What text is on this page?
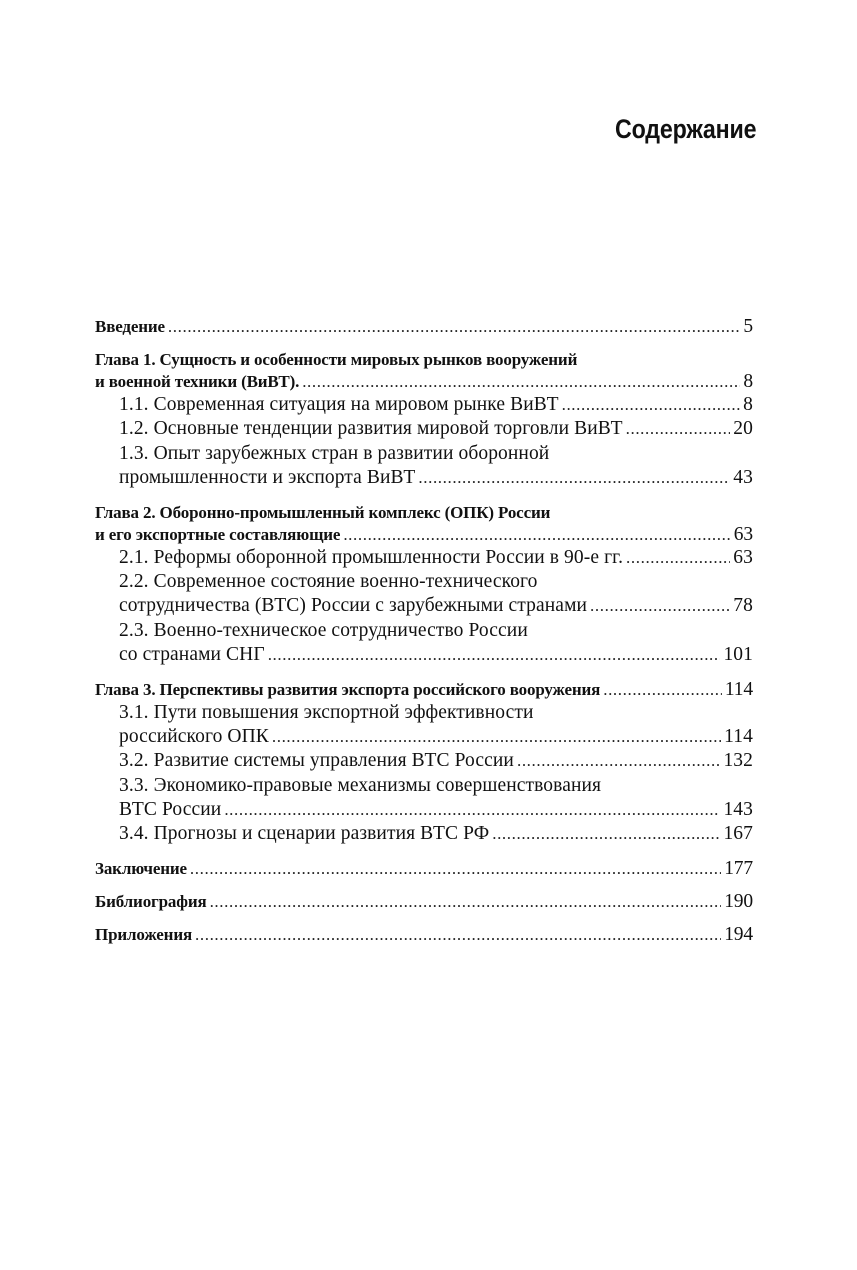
Содержание
Введение .....	5
Глава 1. Сущность и особенности мировых рынков вооружений
и военной техники (ВиВТ). .....	8
1.1. Современная ситуация на мировом рынке ВиВТ .....	8
1.2. Основные тенденции развития мировой торговли ВиВТ .....	20
1.3. Опыт зарубежных стран в развитии оборонной
промышленности и экспорта ВиВТ .....	43
Глава 2. Оборонно-промышленный комплекс (ОПК) России
и его экспортные составляющие .....	63
2.1. Реформы оборонной промышленности России в 90-е гг. .....	63
2.2. Современное состояние военно-технического
сотрудничества (ВТС) России с зарубежными странами .....	78
2.3. Военно-техническое сотрудничество России
со странами СНГ .....	101
Глава 3. Перспективы развития экспорта российского вооружения .....	114
3.1. Пути повышения экспортной эффективности
российского ОПК .....	114
3.2. Развитие системы управления ВТС России .....	132
3.3. Экономико-правовые механизмы совершенствования
ВТС России .....	143
3.4. Прогнозы и сценарии развития ВТС РФ .....	167
Заключение .....	177
Библиография .....	190
Приложения .....	194
